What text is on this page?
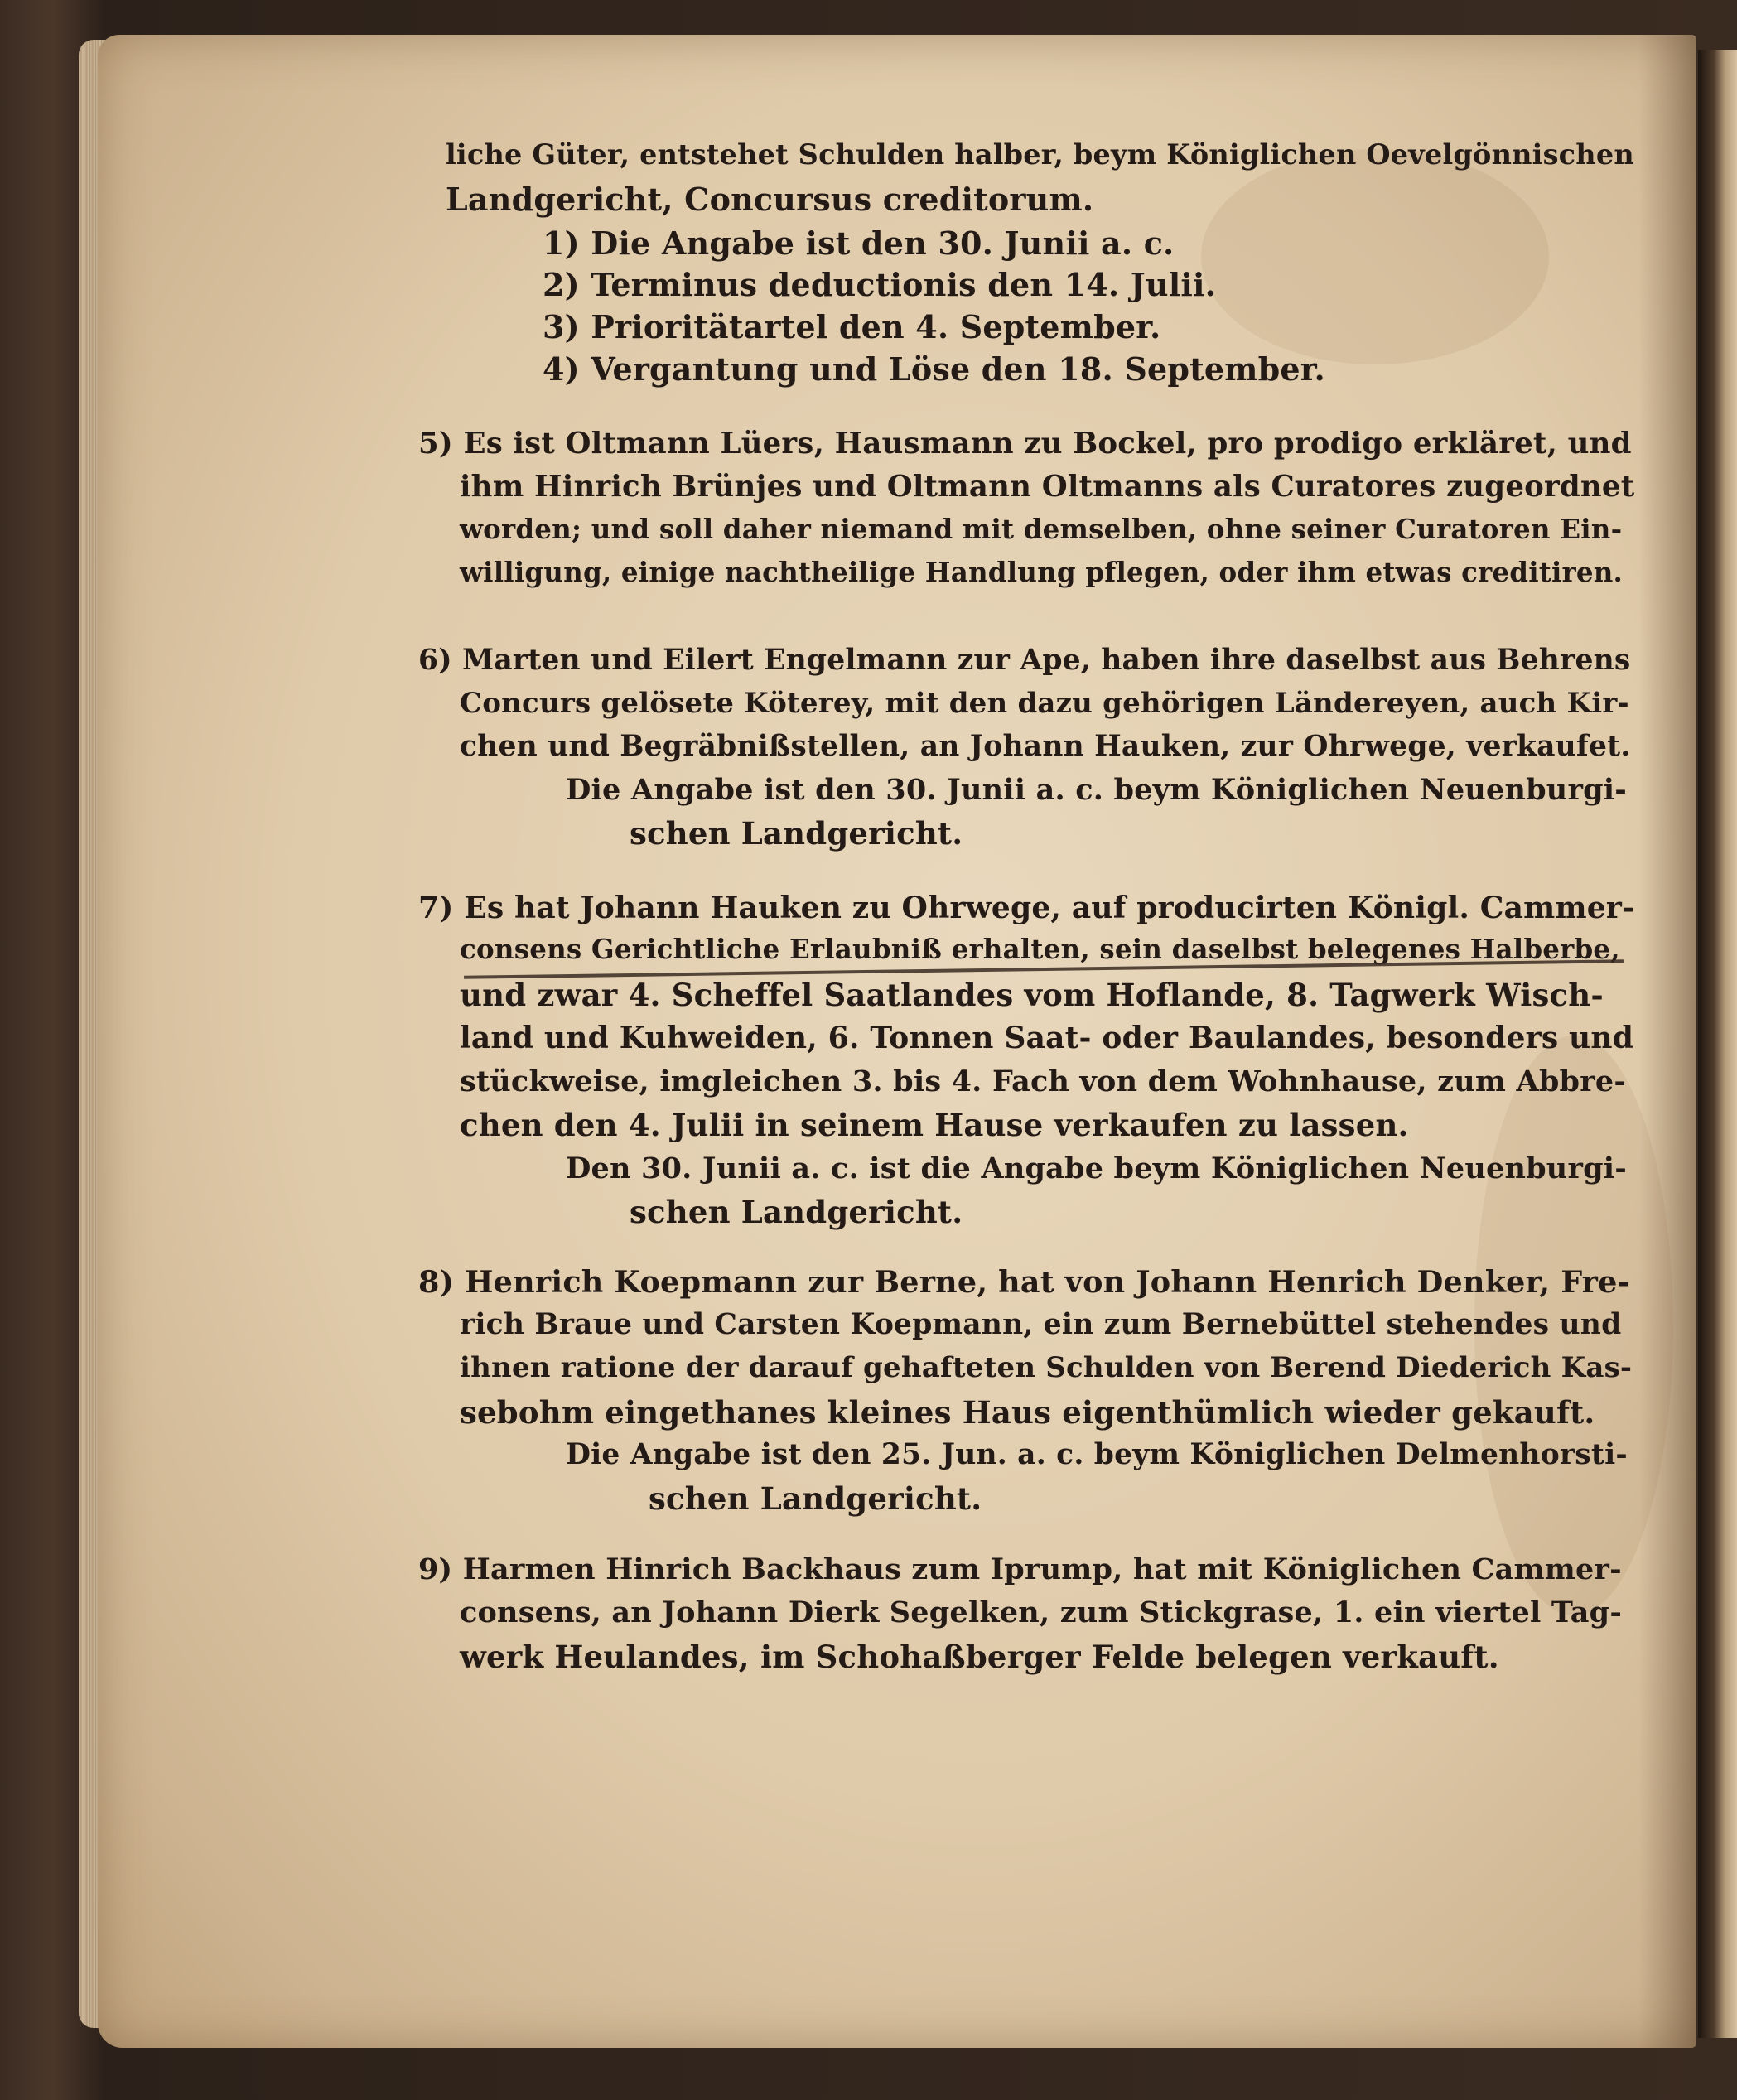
liche Güter, entstehet Schulden halber, beym Königlichen Oevelgönnischen
Landgericht, Concursus creditorum.
1) Die Angabe ist den 30. Junii a. c.
2) Terminus deductionis den 14. Julii.
3) Prioritätartel den 4. September.
4) Vergantung und Löse den 18. September.
5) Es ist Oltmann Lüers, Hausmann zu Bockel, pro prodigo erkläret, und
ihm Hinrich Brünjes und Oltmann Oltmanns als Curatores zugeordnet
worden; und soll daher niemand mit demselben, ohne seiner Curatoren Ein-
willigung, einige nachtheilige Handlung pflegen, oder ihm etwas creditiren.
6) Marten und Eilert Engelmann zur Ape, haben ihre daselbst aus Behrens
Concurs gelösete Köterey, mit den dazu gehörigen Ländereyen, auch Kir-
chen und Begräbnißstellen, an Johann Hauken, zur Ohrwege, verkaufet.
Die Angabe ist den 30. Junii a. c. beym Königlichen Neuenburgi-
schen Landgericht.
7) Es hat Johann Hauken zu Ohrwege, auf producirten Königl. Cammer-
consens Gerichtliche Erlaubniß erhalten, sein daselbst belegenes Halberbe,
und zwar 4. Scheffel Saatlandes vom Hoflande, 8. Tagwerk Wisch-
land und Kuhweiden, 6. Tonnen Saat- oder Baulandes, besonders und
stückweise, imgleichen 3. bis 4. Fach von dem Wohnhause, zum Abbre-
chen den 4. Julii in seinem Hause verkaufen zu lassen.
Den 30. Junii a. c. ist die Angabe beym Königlichen Neuenburgi-
schen Landgericht.
8) Henrich Koepmann zur Berne, hat von Johann Henrich Denker, Fre-
rich Braue und Carsten Koepmann, ein zum Bernebüttel stehendes und
ihnen ratione der darauf gehafteten Schulden von Berend Diederich Kas-
sebohm eingethanes kleines Haus eigenthümlich wieder gekauft.
Die Angabe ist den 25. Jun. a. c. beym Königlichen Delmenhorsti-
schen Landgericht.
9) Harmen Hinrich Backhaus zum Iprump, hat mit Königlichen Cammer-
consens, an Johann Dierk Segelken, zum Stickgrase, 1. ein viertel Tag-
werk Heulandes, im Schohaßberger Felde belegen verkauft.
